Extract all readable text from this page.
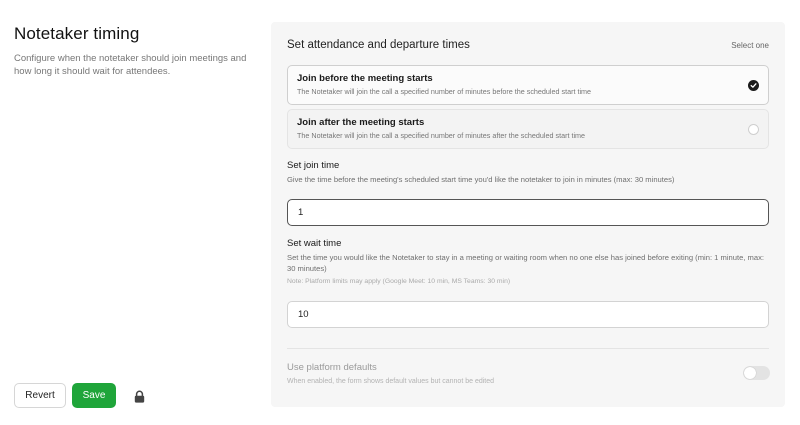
Notetaker timing

Configure when the notetaker should join meetings and how long it should wait for attendees.

Revert	Save
Set attendance and departure times	Select one
Join before the meeting starts
The Notetaker will join the call a specified number of minutes before the scheduled start time
Join after the meeting starts
The Notetaker will join the call a specified number of minutes after the scheduled start time
Set join time
Give the time before the meeting's scheduled start time you'd like the notetaker to join in minutes (max: 30 minutes)
1
Set wait time
Set the time you would like the Notetaker to stay in a meeting or waiting room when no one else has joined before exiting (min: 1 minute, max: 30 minutes)
Note: Platform limits may apply (Google Meet: 10 min, MS Teams: 30 min)
10
Use platform defaults
When enabled, the form shows default values but cannot be edited
